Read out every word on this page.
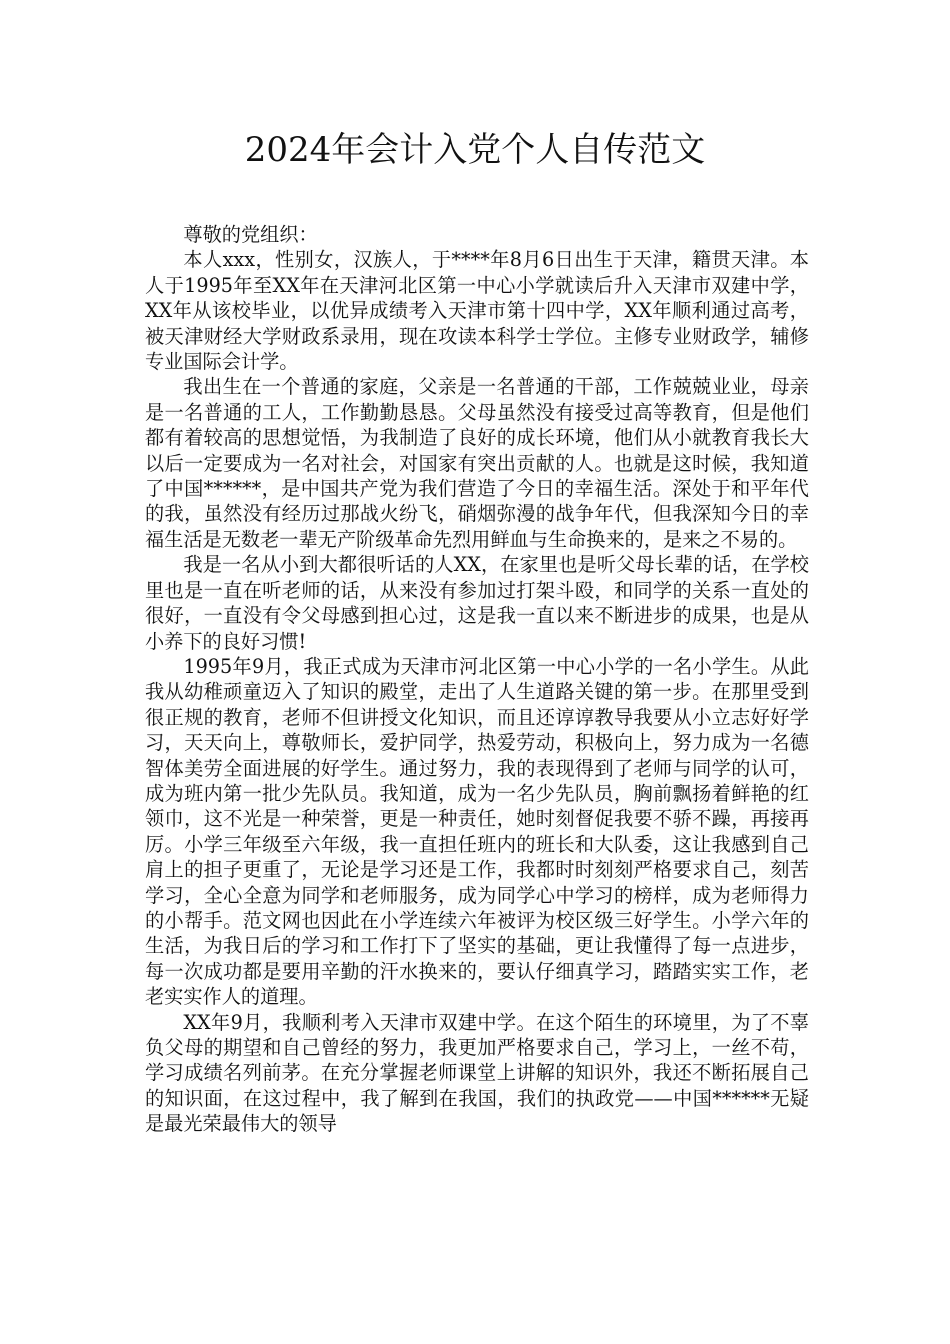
2024年会计入党个人自传范文

尊敬的党组织：

本人xxx，性别女，汉族人，于****年8月6日出生于天津，籍贯天津。本人于1995年至XX年在天津河北区第一中心小学就读后升入天津市双建中学，XX年从该校毕业，以优异成绩考入天津市第十四中学，XX年顺利通过高考，被天津财经大学财政系录用，现在攻读本科学士学位。主修专业财政学，辅修专业国际会计学。

我出生在一个普通的家庭，父亲是一名普通的干部，工作兢兢业业，母亲是一名普通的工人，工作勤勤恳恳。父母虽然没有接受过高等教育，但是他们都有着较高的思想觉悟，为我制造了良好的成长环境，他们从小就教育我长大以后一定要成为一名对社会，对国家有突出贡献的人。也就是这时候，我知道了中国******，是中国共产党为我们营造了今日的幸福生活。深处于和平年代的我，虽然没有经历过那战火纷飞，硝烟弥漫的战争年代，但我深知今日的幸福生活是无数老一辈无产阶级革命先烈用鲜血与生命换来的，是来之不易的。

我是一名从小到大都很听话的人XX，在家里也是听父母长辈的话，在学校里也是一直在听老师的话，从来没有参加过打架斗殴，和同学的关系一直处的很好，一直没有令父母感到担心过，这是我一直以来不断进步的成果，也是从小养下的良好习惯!

1995年9月，我正式成为天津市河北区第一中心小学的一名小学生。从此我从幼稚顽童迈入了知识的殿堂，走出了人生道路关键的第一步。在那里受到很正规的教育，老师不但讲授文化知识，而且还谆谆教导我要从小立志好好学习，天天向上，尊敬师长，爱护同学，热爱劳动，积极向上，努力成为一名德智体美劳全面进展的好学生。通过努力，我的表现得到了老师与同学的认可，成为班内第一批少先队员。我知道，成为一名少先队员，胸前飘扬着鲜艳的红领巾，这不光是一种荣誉，更是一种责任，她时刻督促我要不骄不躁，再接再厉。小学三年级至六年级，我一直担任班内的班长和大队委，这让我感到自己肩上的担子更重了，无论是学习还是工作，我都时时刻刻严格要求自己，刻苦学习，全心全意为同学和老师服务，成为同学心中学习的榜样，成为老师得力的小帮手。范文网也因此在小学连续六年被评为校区级三好学生。小学六年的生活，为我日后的学习和工作打下了坚实的基础，更让我懂得了每一点进步，每一次成功都是要用辛勤的汗水换来的，要认仔细真学习，踏踏实实工作，老老实实作人的道理。

XX年9月，我顺利考入天津市双建中学。在这个陌生的环境里，为了不辜负父母的期望和自己曾经的努力，我更加严格要求自己，学习上，一丝不苟，学习成绩名列前茅。在充分掌握老师课堂上讲解的知识外，我还不断拓展自己的知识面，在这过程中，我了解到在我国，我们的执政党——中国******无疑是最光荣最伟大的领导
